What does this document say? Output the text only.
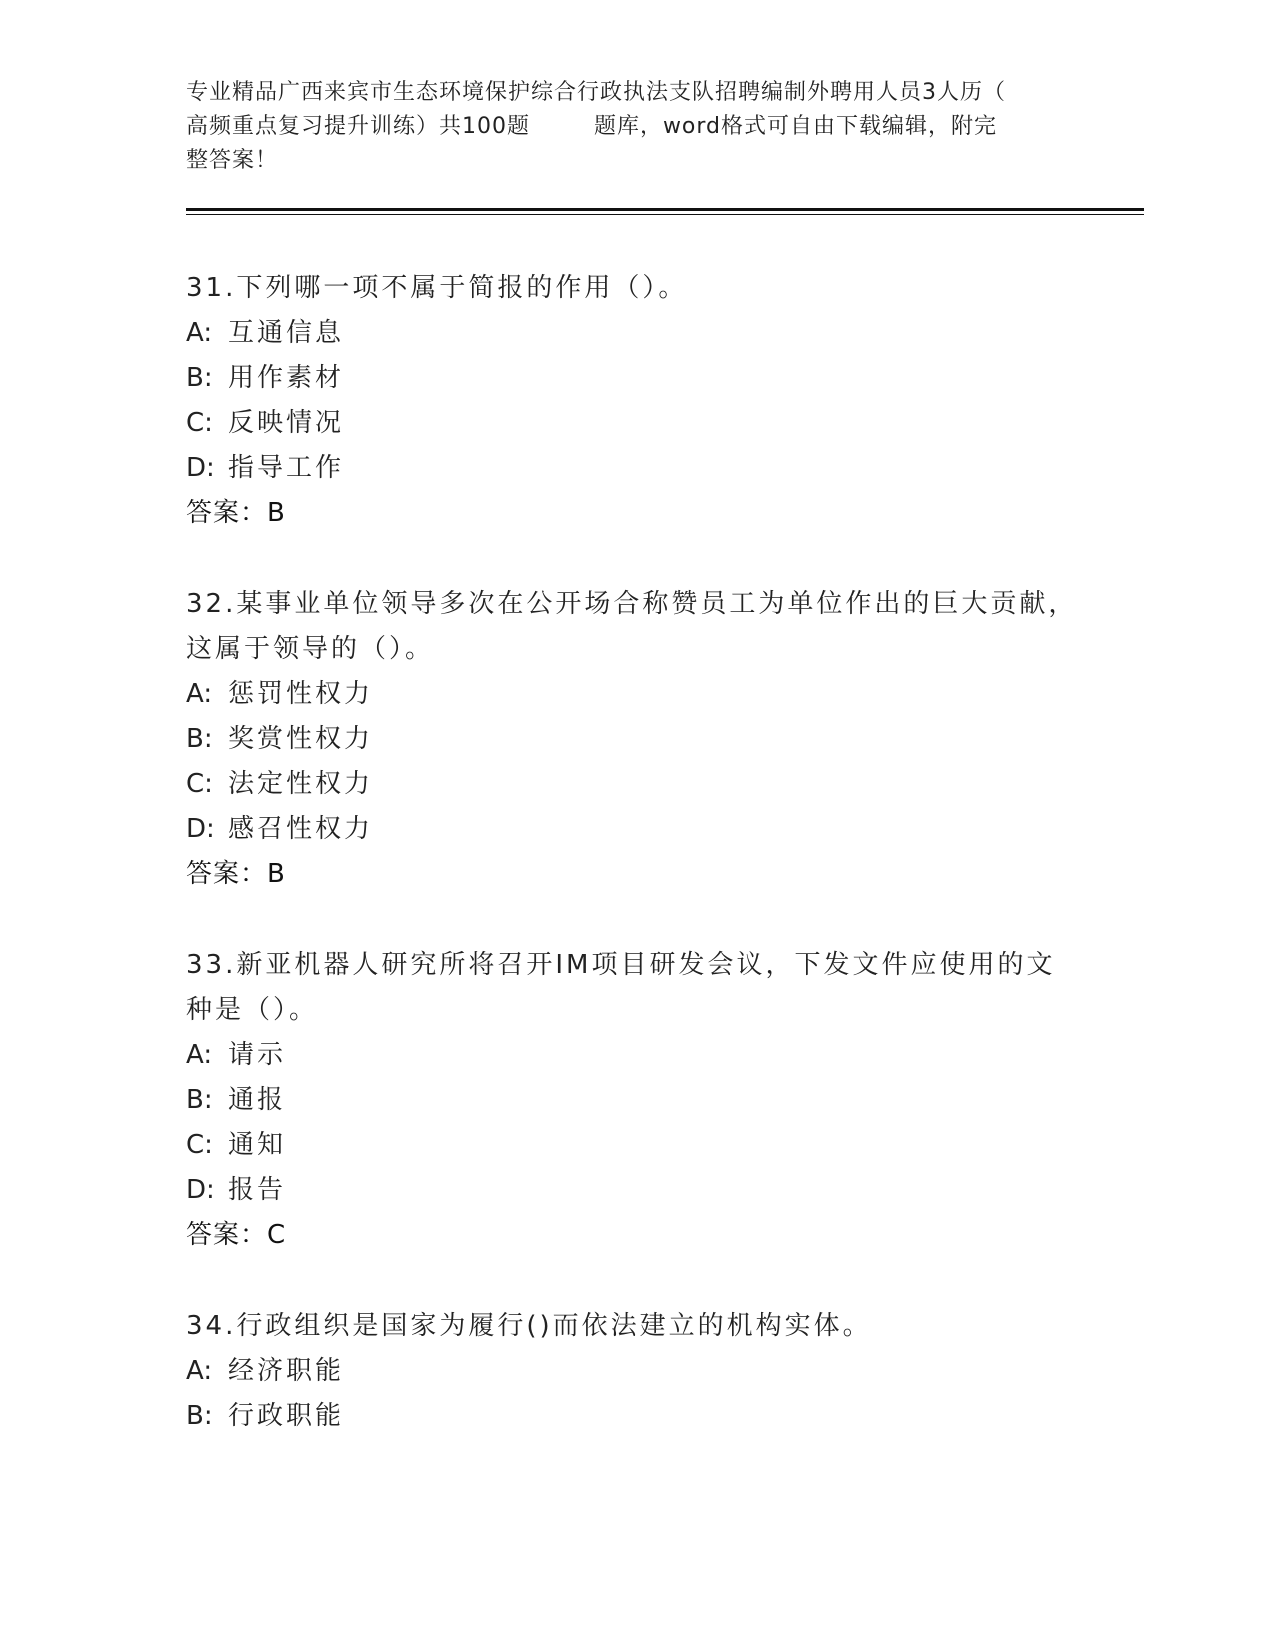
专业精品广西来宾市生态环境保护综合行政执法支队招聘编制外聘用人员3人历（
高频重点复习提升训练）共100题        题库，word格式可自由下载编辑，附完
整答案！
31.下列哪一项不属于简报的作用（）。
A: 互通信息
B: 用作素材
C: 反映情况
D: 指导工作
答案：B
32.某事业单位领导多次在公开场合称赞员工为单位作出的巨大贡献，
这属于领导的（）。
A: 惩罚性权力
B: 奖赏性权力
C: 法定性权力
D: 感召性权力
答案：B
33.新亚机器人研究所将召开IM项目研发会议，下发文件应使用的文
种是（）。
A: 请示
B: 通报
C: 通知
D: 报告
答案：C
34.行政组织是国家为履行()而依法建立的机构实体。
A: 经济职能
B: 行政职能
